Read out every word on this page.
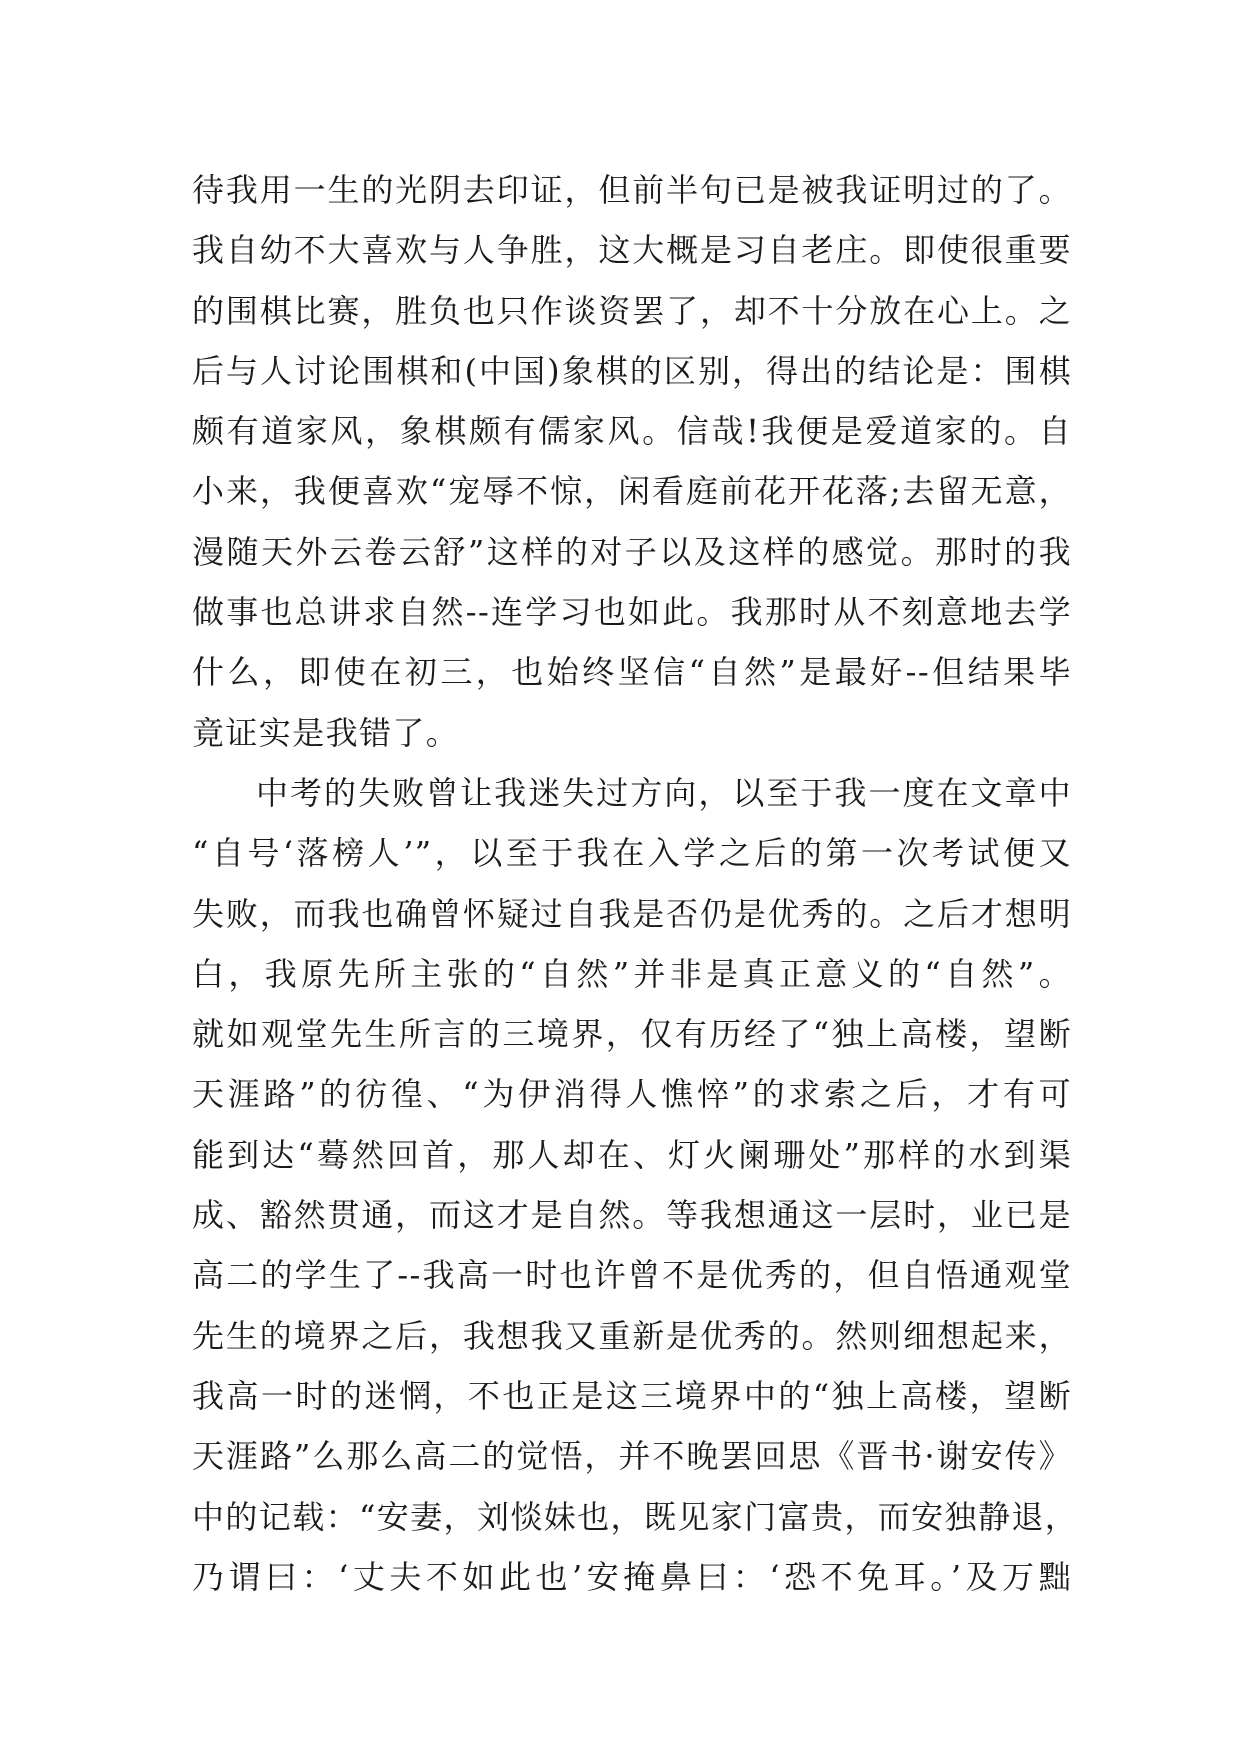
待我用一生的光阴去印证，但前半句已是被我证明过的了。
我自幼不大喜欢与人争胜，这大概是习自老庄。即使很重要
的围棋比赛，胜负也只作谈资罢了，却不十分放在心上。之
后与人讨论围棋和(中国)象棋的区别，得出的结论是：围棋
颇有道家风，象棋颇有儒家风。信哉!我便是爱道家的。自
小来，我便喜欢“宠辱不惊，闲看庭前花开花落;去留无意，
漫随天外云卷云舒”这样的对子以及这样的感觉。那时的我
做事也总讲求自然--连学习也如此。我那时从不刻意地去学
什么，即使在初三，也始终坚信“自然”是最好--但结果毕
竟证实是我错了。
中考的失败曾让我迷失过方向，以至于我一度在文章中
“自号‘落榜人’”，以至于我在入学之后的第一次考试便又
失败，而我也确曾怀疑过自我是否仍是优秀的。之后才想明
白，我原先所主张的“自然”并非是真正意义的“自然”。
就如观堂先生所言的三境界，仅有历经了“独上高楼，望断
天涯路”的彷徨、“为伊消得人憔悴”的求索之后，才有可
能到达“蓦然回首，那人却在、灯火阑珊处”那样的水到渠
成、豁然贯通，而这才是自然。等我想通这一层时，业已是
高二的学生了--我高一时也许曾不是优秀的，但自悟通观堂
先生的境界之后，我想我又重新是优秀的。然则细想起来，
我高一时的迷惘，不也正是这三境界中的“独上高楼，望断
天涯路”么那么高二的觉悟，并不晚罢回思《晋书·谢安传》
中的记载：“安妻，刘惔妹也，既见家门富贵，而安独静退，
乃谓曰：‘丈夫不如此也’安掩鼻曰：‘恐不免耳。’及万黜
